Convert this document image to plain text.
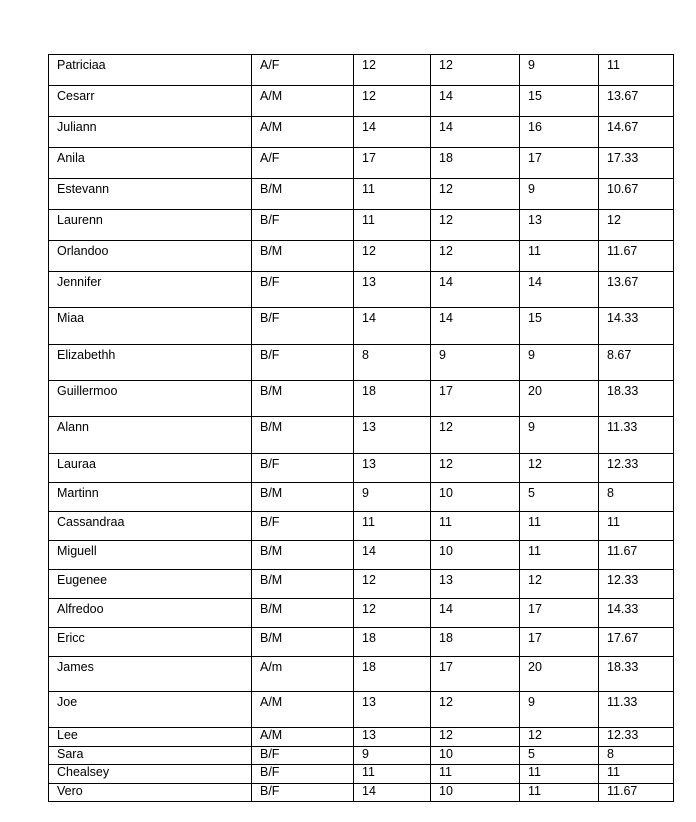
Patriciaa	A/F	12	12	9	11

Cesarr	A/M	12	14	15	13.67

Juliann	A/M	14	14	16	14.67

Anila	A/F	17	18	17	17.33

Estevann	B/M	11	12	9	10.67

Laurenn	B/F	11	12	13	12

Orlandoo	B/M	12	12	11	11.67

Jennifer	B/F	13	14	14	13.67

Miaa	B/F	14	14	15	14.33

Elizabethh	B/F	8	9	9	8.67

Guillermoo	B/M	18	17	20	18.33

Alann	B/M	13	12	9	11.33

Lauraa	B/F	13	12	12	12.33

Martinn	B/M	9	10	5	8

Cassandraa	B/F	11	11	11	11

Miguell	B/M	14	10	11	11.67

Eugenee	B/M	12	13	12	12.33

Alfredoo	B/M	12	14	17	14.33

Ericc	B/M	18	18	17	17.67

James	A/m	18	17	20	18.33

Joe	A/M	13	12	9	11.33

Lee	A/M	13	12	12	12.33

Sara	B/F	9	10	5	8

Chealsey	B/F	11	11	11	11

Vero	B/F	14	10	11	11.67
